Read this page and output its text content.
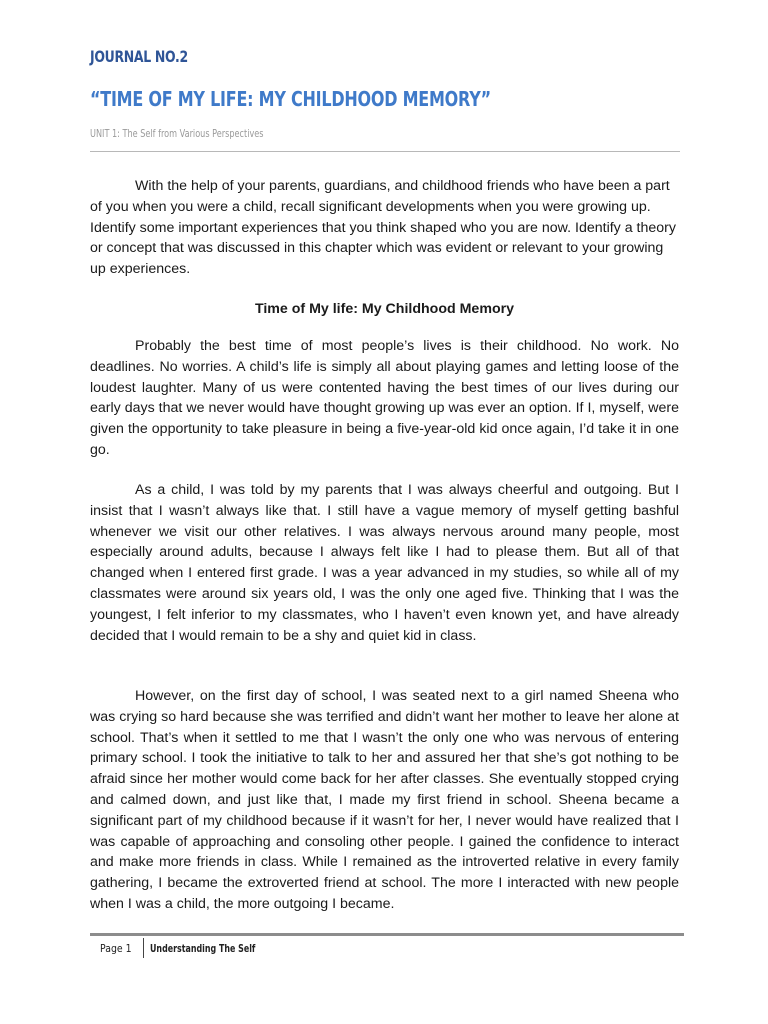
JOURNAL NO.2
“TIME OF MY LIFE: MY CHILDHOOD MEMORY”
UNIT 1: The Self from Various Perspectives
With the help of your parents, guardians, and childhood friends who have been a part of you when you were a child, recall significant developments when you were growing up. Identify some important experiences that you think shaped who you are now. Identify a theory or concept that was discussed in this chapter which was evident or relevant to your growing up experiences.
Time of My life: My Childhood Memory
Probably the best time of most people’s lives is their childhood. No work. No deadlines. No worries. A child’s life is simply all about playing games and letting loose of the loudest laughter. Many of us were contented having the best times of our lives during our early days that we never would have thought growing up was ever an option. If I, myself, were given the opportunity to take pleasure in being a five-year-old kid once again, I’d take it in one go.
As a child, I was told by my parents that I was always cheerful and outgoing. But I insist that I wasn’t always like that. I still have a vague memory of myself getting bashful whenever we visit our other relatives. I was always nervous around many people, most especially around adults, because I always felt like I had to please them. But all of that changed when I entered first grade. I was a year advanced in my studies, so while all of my classmates were around six years old, I was the only one aged five. Thinking that I was the youngest, I felt inferior to my classmates, who I haven’t even known yet, and have already decided that I would remain to be a shy and quiet kid in class.
However, on the first day of school, I was seated next to a girl named Sheena who was crying so hard because she was terrified and didn’t want her mother to leave her alone at school. That’s when it settled to me that I wasn’t the only one who was nervous of entering primary school. I took the initiative to talk to her and assured her that she’s got nothing to be afraid since her mother would come back for her after classes. She eventually stopped crying and calmed down, and just like that, I made my first friend in school. Sheena became a significant part of my childhood because if it wasn’t for her, I never would have realized that I was capable of approaching and consoling other people. I gained the confidence to interact and make more friends in class. While I remained as the introverted relative in every family gathering, I became the extroverted friend at school. The more I interacted with new people when I was a child, the more outgoing I became.
Page 1 Understanding The Self
